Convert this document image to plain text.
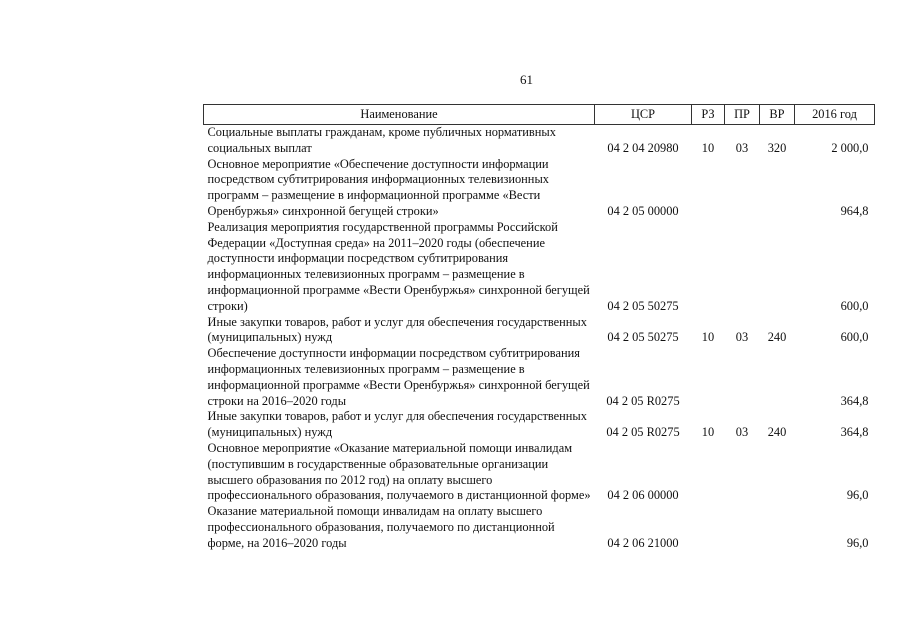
61
Наименование	ЦСР	РЗ	ПР	ВР	2016 год
Социальные выплаты гражданам, кроме публичных нормативных социальных выплат	04 2 04 20980	10	03	320	2 000,0
Основное мероприятие «Обеспечение доступности информации посредством субтитрирования информационных телевизионных программ – размещение в информационной программе «Вести Оренбуржья» синхронной бегущей строки»	04 2 05 00000				964,8
Реализация мероприятия государственной программы Российской Федерации «Доступная среда» на 2011–2020 годы (обеспечение доступности информации посредством субтитрирования информационных телевизионных программ – размещение в информационной программе «Вести Оренбуржья» синхронной бегущей строки)	04 2 05 50275				600,0
Иные закупки товаров, работ и услуг для обеспечения государственных (муниципальных) нужд	04 2 05 50275	10	03	240	600,0
Обеспечение доступности информации посредством субтитрирования информационных телевизионных программ – размещение в информационной программе «Вести Оренбуржья» синхронной бегущей строки на 2016–2020 годы	04 2 05 R0275				364,8
Иные закупки товаров, работ и услуг для обеспечения государственных (муниципальных) нужд	04 2 05 R0275	10	03	240	364,8
Основное мероприятие «Оказание материальной помощи инвалидам (поступившим в государственные образовательные организации высшего образования по 2012 год) на оплату высшего профессионального образования, получаемого в дистанционной форме»	04 2 06 00000				96,0
Оказание материальной помощи инвалидам на оплату высшего профессионального образования, получаемого по дистанционной форме, на 2016–2020 годы	04 2 06 21000				96,0
